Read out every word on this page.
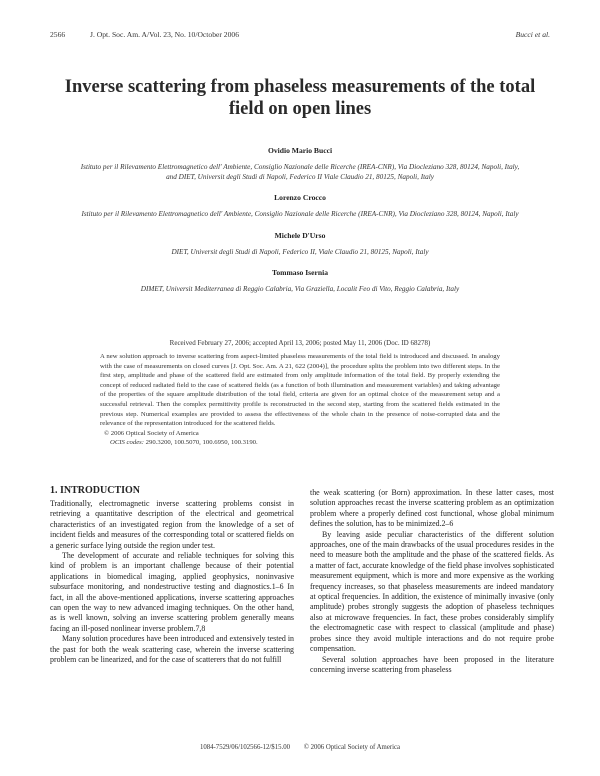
2566	J. Opt. Soc. Am. A/Vol. 23, No. 10/October 2006	Bucci et al.
Inverse scattering from phaseless measurements of the total field on open lines
Ovidio Mario Bucci
Istituto per il Rilevamento Elettromagnetico dell' Ambiente, Consiglio Nazionale delle Ricerche (IREA-CNR), Via Diocleziano 328, 80124, Napoli, Italy, and DIET, Universit degli Studi di Napoli, Federico II Viale Claudio 21, 80125, Napoli, Italy
Lorenzo Crocco
Istituto per il Rilevamento Elettromagnetico dell' Ambiente, Consiglio Nazionale delle Ricerche (IREA-CNR), Via Diocleziano 328, 80124, Napoli, Italy
Michele D'Urso
DIET, Universit degli Studi di Napoli, Federico II, Viale Claudio 21, 80125, Napoli, Italy
Tommaso Isernia
DIMET, Universit Mediterranea di Reggio Calabria, Via Graziella, Localit Feo di Vito, Reggio Calabria, Italy
Received February 27, 2006; accepted April 13, 2006; posted May 11, 2006 (Doc. ID 68278)

A new solution approach to inverse scattering from aspect-limited phaseless measurements of the total field is introduced and discussed. In analogy with the case of measurements on closed curves [J. Opt. Soc. Am. A 21, 622 (2004)], the procedure splits the problem into two different steps. In the first step, amplitude and phase of the scattered field are estimated from only amplitude information of the total field. By properly extending the concept of reduced radiated field to the case of scattered fields (as a function of both illumination and measurement variables) and taking advantage of the properties of the square amplitude distribution of the total field, criteria are given for an optimal choice of the measurement setup and a successful retrieval. Then the complex permittivity profile is reconstructed in the second step, starting from the scattered fields estimated in the previous step. Numerical examples are provided to assess the effectiveness of the whole chain in the presence of noise-corrupted data and the relevance of the representation introduced for the scattered fields.

© 2006 Optical Society of America

OCIS codes: 290.3200, 100.5070, 100.6950, 100.3190.

1. INTRODUCTION

Traditionally, electromagnetic inverse scattering problems consist in retrieving a quantitative description of the electrical and geometrical characteristics of an investigated region from the knowledge of a set of incident fields and measures of the corresponding total or scattered fields on a generic surface lying outside the region under test.

The development of accurate and reliable techniques for solving this kind of problem is an important challenge because of their potential applications in biomedical imaging, applied geophysics, noninvasive subsurface monitoring, and nondestructive testing and diagnostics.1–6 In fact, in all the above-mentioned applications, inverse scattering approaches can open the way to new advanced imaging techniques. On the other hand, as is well known, solving an inverse scattering problem generally means facing an ill-posed nonlinear inverse problem.7,8

Many solution procedures have been introduced and extensively tested in the past for both the weak scattering case, wherein the inverse scattering problem can be linearized, and for the case of scatterers that do not fulfill

the weak scattering (or Born) approximation. In these latter cases, most solution approaches recast the inverse scattering problem as an optimization problem where a properly defined cost functional, whose global minimum defines the solution, has to be minimized.2–6

By leaving aside peculiar characteristics of the different solution approaches, one of the main drawbacks of the usual procedures resides in the need to measure both the amplitude and the phase of the scattered fields. As a matter of fact, accurate knowledge of the field phase involves sophisticated measurement equipment, which is more and more expensive as the working frequency increases, so that phaseless measurements are indeed mandatory at optical frequencies. In addition, the existence of minimally invasive (only amplitude) probes strongly suggests the adoption of phaseless techniques also at microwave frequencies. In fact, these probes considerably simplify the electromagnetic case with respect to classical (amplitude and phase) probes since they avoid multiple interactions and do not require probe compensation.

Several solution approaches have been proposed in the literature concerning inverse scattering from phaseless

1084-7529/06/102566-12/$15.00 © 2006 Optical Society of America
